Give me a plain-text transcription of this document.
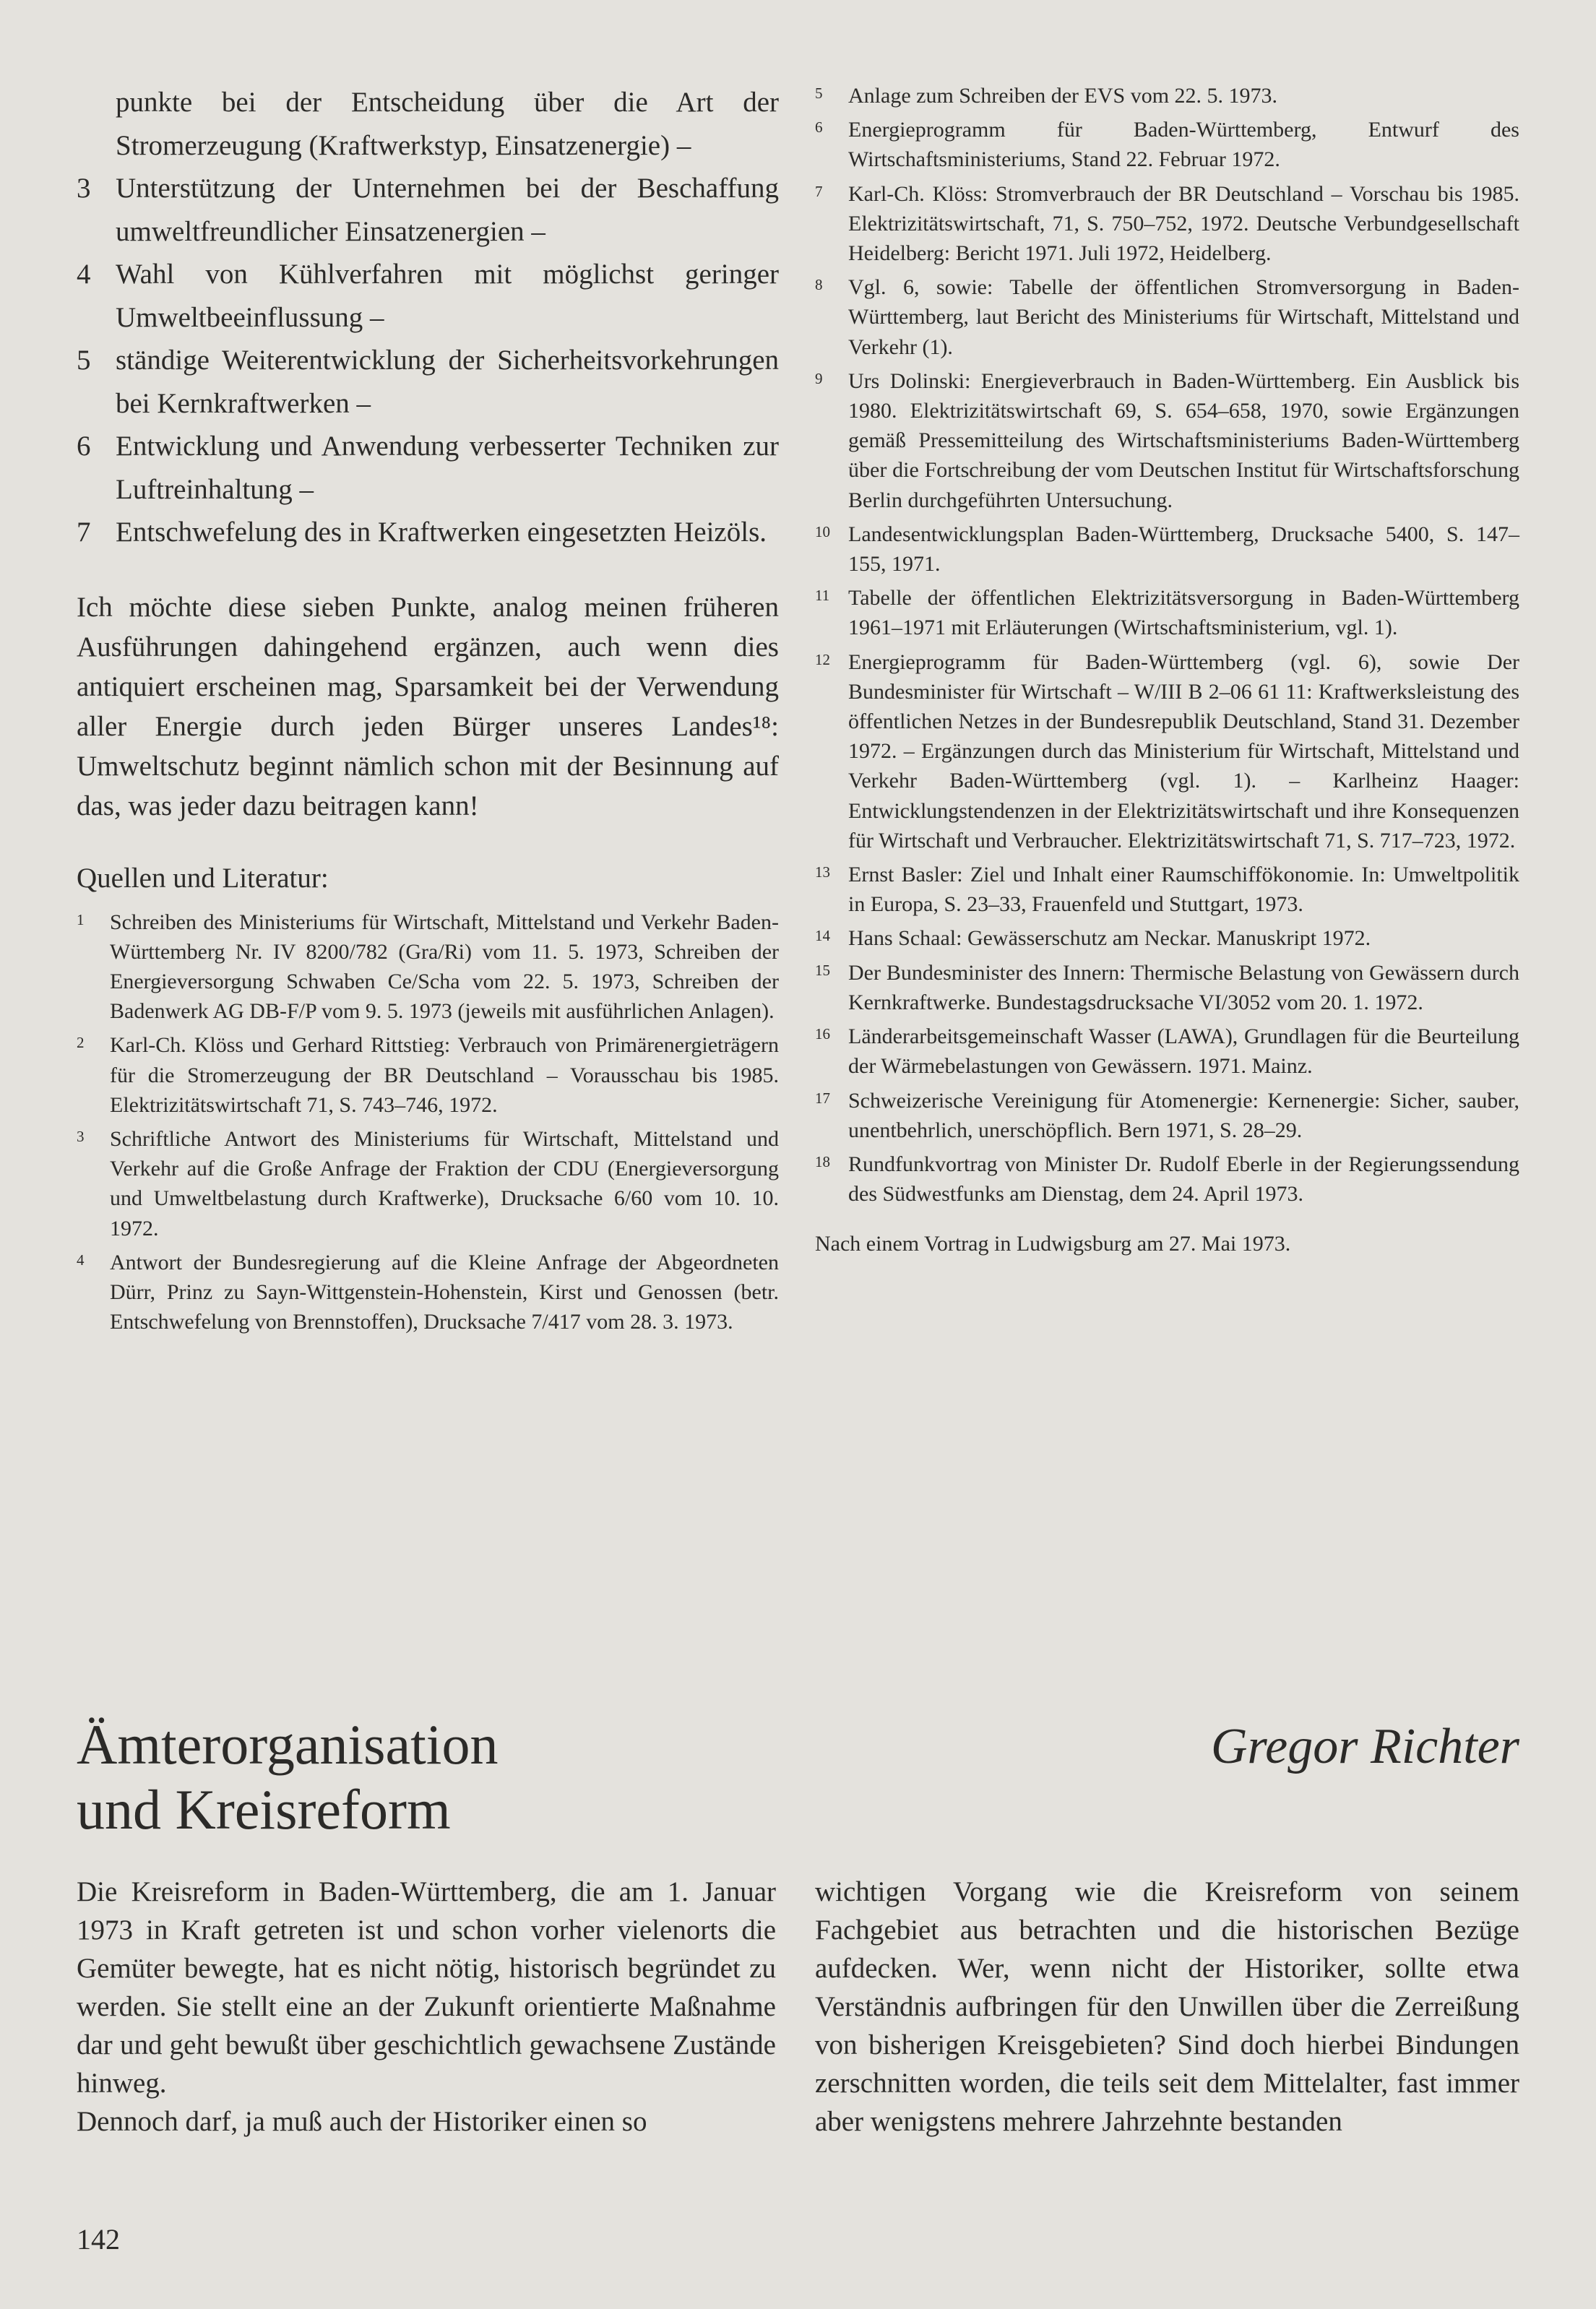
punkte bei der Entscheidung über die Art der Stromerzeugung (Kraftwerkstyp, Einsatzenergie) –
3 Unterstützung der Unternehmen bei der Beschaffung umweltfreundlicher Einsatzenergien –
4 Wahl von Kühlverfahren mit möglichst geringer Umweltbeeinflussung –
5 ständige Weiterentwicklung der Sicherheitsvorkehrungen bei Kernkraftwerken –
6 Entwicklung und Anwendung verbesserter Techniken zur Luftreinhaltung –
7 Entschwefelung des in Kraftwerken eingesetzten Heizöls.

Ich möchte diese sieben Punkte, analog meinen früheren Ausführungen dahingehend ergänzen, auch wenn dies antiquiert erscheinen mag, Sparsamkeit bei der Verwendung aller Energie durch jeden Bürger unseres Landes¹⁸: Umweltschutz beginnt nämlich schon mit der Besinnung auf das, was jeder dazu beitragen kann!

Quellen und Literatur:
1	Schreiben des Ministeriums für Wirtschaft, Mittelstand und Verkehr Baden-Württemberg Nr. IV 8200/782 (Gra/Ri) vom 11. 5. 1973, Schreiben der Energieversorgung Schwaben Ce/Scha vom 22. 5. 1973, Schreiben der Badenwerk AG DB-F/P vom 9. 5. 1973 (jeweils mit ausführlichen Anlagen).
2	Karl-Ch. Klöss und Gerhard Rittstieg: Verbrauch von Primärenergieträgern für die Stromerzeugung der BR Deutschland – Vorausschau bis 1985. Elektrizitätswirtschaft 71, S. 743–746, 1972.
3	Schriftliche Antwort des Ministeriums für Wirtschaft, Mittelstand und Verkehr auf die Große Anfrage der Fraktion der CDU (Energieversorgung und Umweltbelastung durch Kraftwerke), Drucksache 6/60 vom 10. 10. 1972.
4	Antwort der Bundesregierung auf die Kleine Anfrage der Abgeordneten Dürr, Prinz zu Sayn-Wittgenstein-Hohenstein, Kirst und Genossen (betr. Entschwefelung von Brennstoffen), Drucksache 7/417 vom 28. 3. 1973.
5	Anlage zum Schreiben der EVS vom 22. 5. 1973.
6	Energieprogramm für Baden-Württemberg, Entwurf des Wirtschaftsministeriums, Stand 22. Februar 1972.
7	Karl-Ch. Klöss: Stromverbrauch der BR Deutschland – Vorschau bis 1985. Elektrizitätswirtschaft, 71, S. 750–752, 1972. Deutsche Verbundgesellschaft Heidelberg: Bericht 1971. Juli 1972, Heidelberg.
8	Vgl. 6, sowie: Tabelle der öffentlichen Stromversorgung in Baden-Württemberg, laut Bericht des Ministeriums für Wirtschaft, Mittelstand und Verkehr (1).
9	Urs Dolinski: Energieverbrauch in Baden-Württemberg. Ein Ausblick bis 1980. Elektrizitätswirtschaft 69, S. 654–658, 1970, sowie Ergänzungen gemäß Pressemitteilung des Wirtschaftsministeriums Baden-Württemberg über die Fortschreibung der vom Deutschen Institut für Wirtschaftsforschung Berlin durchgeführten Untersuchung.
10 Landesentwicklungsplan Baden-Württemberg, Drucksache 5400, S. 147–155, 1971.
11 Tabelle der öffentlichen Elektrizitätsversorgung in Baden-Württemberg 1961–1971 mit Erläuterungen (Wirtschaftsministerium, vgl. 1).
12 Energieprogramm für Baden-Württemberg (vgl. 6), sowie Der Bundesminister für Wirtschaft – W/III B 2–06 61 11: Kraftwerksleistung des öffentlichen Netzes in der Bundesrepublik Deutschland, Stand 31. Dezember 1972. – Ergänzungen durch das Ministerium für Wirtschaft, Mittelstand und Verkehr Baden-Württemberg (vgl. 1). – Karlheinz Haager: Entwicklungstendenzen in der Elektrizitätswirtschaft und ihre Konsequenzen für Wirtschaft und Verbraucher. Elektrizitätswirtschaft 71, S. 717–723, 1972.
13 Ernst Basler: Ziel und Inhalt einer Raumschiffökonomie. In: Umweltpolitik in Europa, S. 23–33, Frauenfeld und Stuttgart, 1973.
14 Hans Schaal: Gewässerschutz am Neckar. Manuskript 1972.
15 Der Bundesminister des Innern: Thermische Belastung von Gewässern durch Kernkraftwerke. Bundestagsdrucksache VI/3052 vom 20. 1. 1972.
16 Länderarbeitsgemeinschaft Wasser (LAWA), Grundlagen für die Beurteilung der Wärmebelastungen von Gewässern. 1971. Mainz.
17 Schweizerische Vereinigung für Atomenergie: Kernenergie: Sicher, sauber, unentbehrlich, unerschöpflich. Bern 1971, S. 28–29.
18 Rundfunkvortrag von Minister Dr. Rudolf Eberle in der Regierungssendung des Südwestfunks am Dienstag, dem 24. April 1973.
Nach einem Vortrag in Ludwigsburg am 27. Mai 1973.
Ämterorganisation
und Kreisreform
Gregor Richter

Die Kreisreform in Baden-Württemberg, die am 1. Januar 1973 in Kraft getreten ist und schon vorher vielenorts die Gemüter bewegte, hat es nicht nötig, historisch begründet zu werden. Sie stellt eine an der Zukunft orientierte Maßnahme dar und geht bewußt über geschichtlich gewachsene Zustände hinweg.

Dennoch darf, ja muß auch der Historiker einen so

wichtigen Vorgang wie die Kreisreform von seinem Fachgebiet aus betrachten und die historischen Bezüge aufdecken. Wer, wenn nicht der Historiker, sollte etwa Verständnis aufbringen für den Unwillen über die Zerreißung von bisherigen Kreisgebieten? Sind doch hierbei Bindungen zerschnitten worden, die teils seit dem Mittelalter, fast immer aber wenigstens mehrere Jahrzehnte bestanden

142
